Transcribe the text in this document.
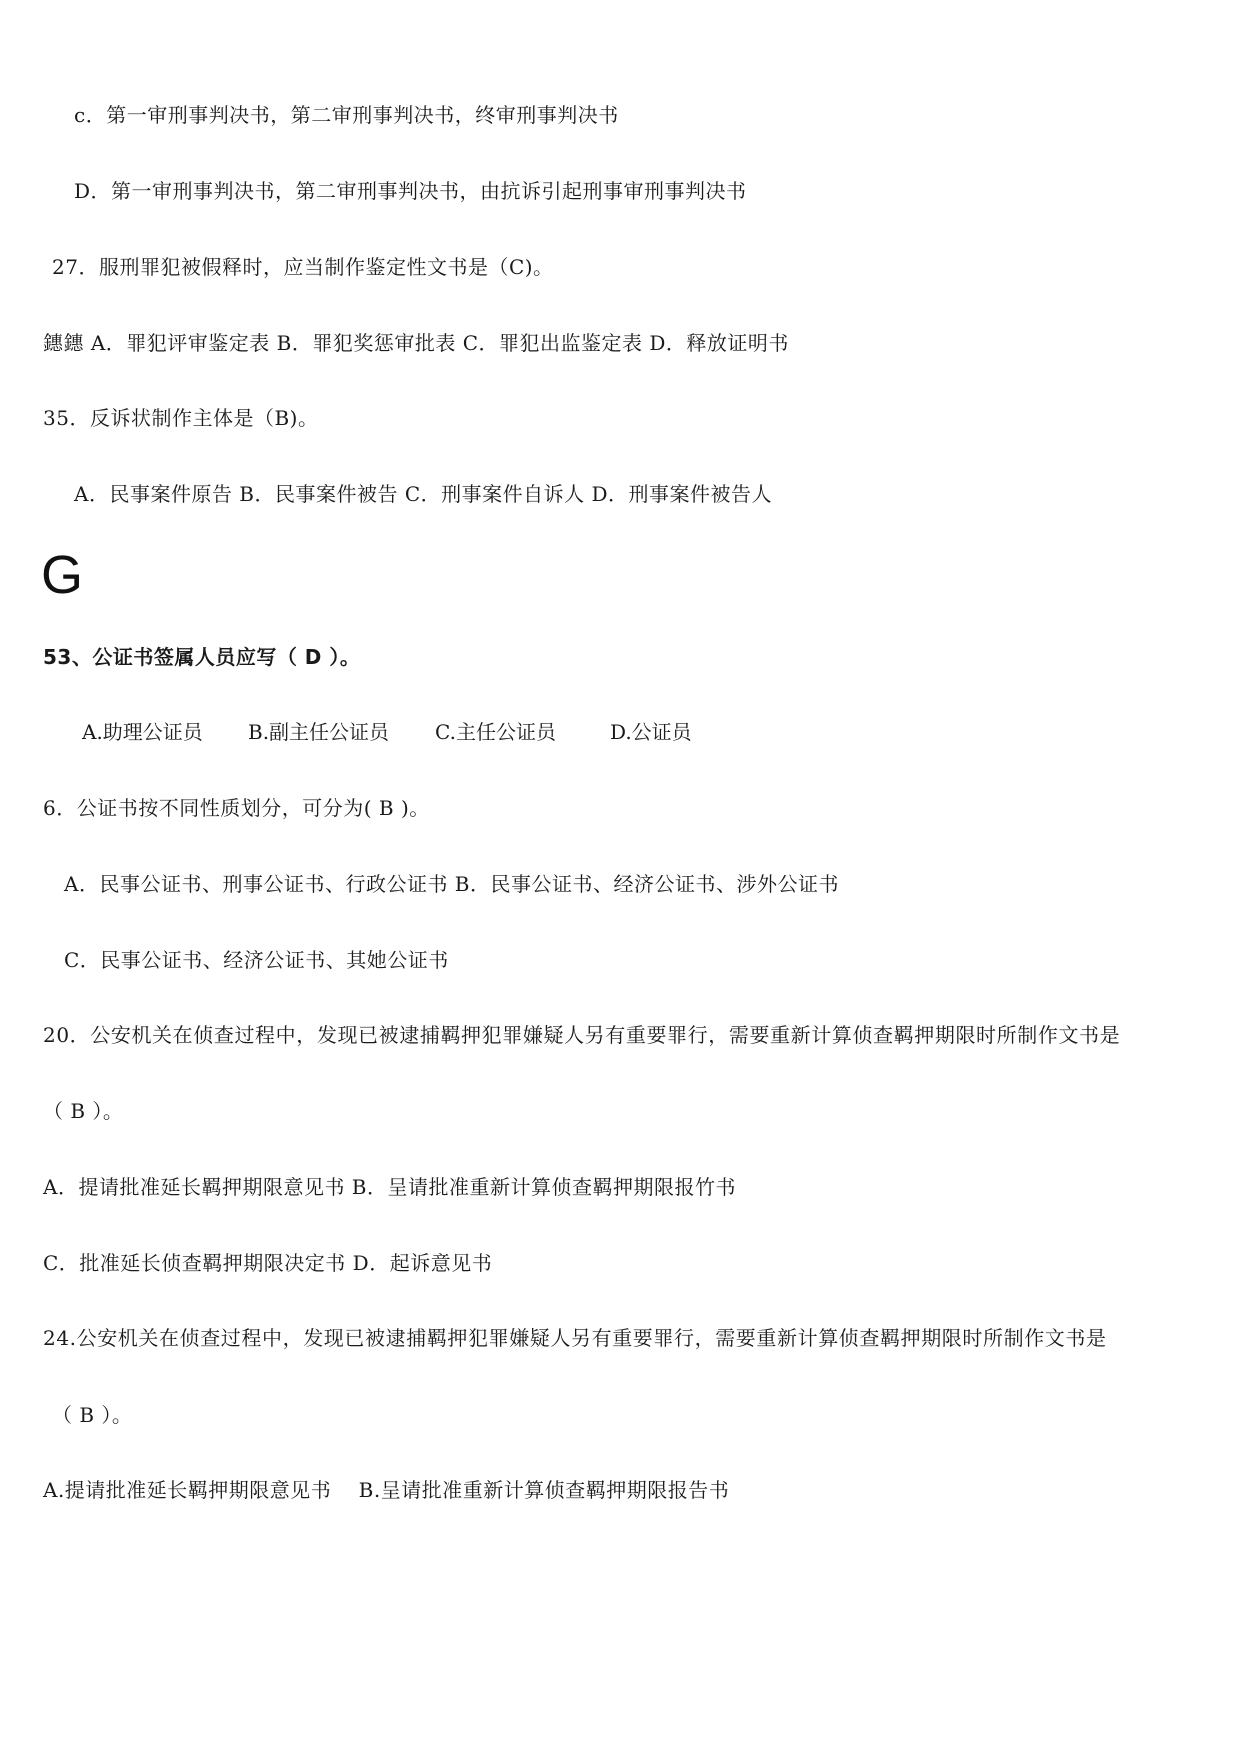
c．第一审刑事判决书，第二审刑事判决书，终审刑事判决书
D．第一审刑事判决书，第二审刑事判决书，由抗诉引起刑事审刑事判决书
27．服刑罪犯被假释时，应当制作鉴定性文书是（C)。
鏸鏸 A．罪犯评审鉴定表 B．罪犯奖惩审批表 C．罪犯出监鉴定表 D．释放证明书
35．反诉状制作主体是（B)。
A．民事案件原告 B．民事案件被告 C．刑事案件自诉人 D．刑事案件被告人
G
53、公证书签属人员应写（ D ）。
A.助理公证员 B.副主任公证员 C.主任公证员	D.公证员
6．公证书按不同性质划分，可分为( B )。
A．民事公证书、刑事公证书、行政公证书 B．民事公证书、经济公证书、涉外公证书
C．民事公证书、经济公证书、其她公证书
20．公安机关在侦查过程中，发现已被逮捕羁押犯罪嫌疑人另有重要罪行，需要重新计算侦查羁押期限时所制作文书是
（ B ）。
A．提请批准延长羁押期限意见书 B．呈请批准重新计算侦查羁押期限报竹书
C．批准延长侦查羁押期限决定书 D．起诉意见书
24.公安机关在侦查过程中，发现已被逮捕羁押犯罪嫌疑人另有重要罪行，需要重新计算侦查羁押期限时所制作文书是
（ B ）。
A.提请批准延长羁押期限意见书　 B.呈请批准重新计算侦查羁押期限报告书
